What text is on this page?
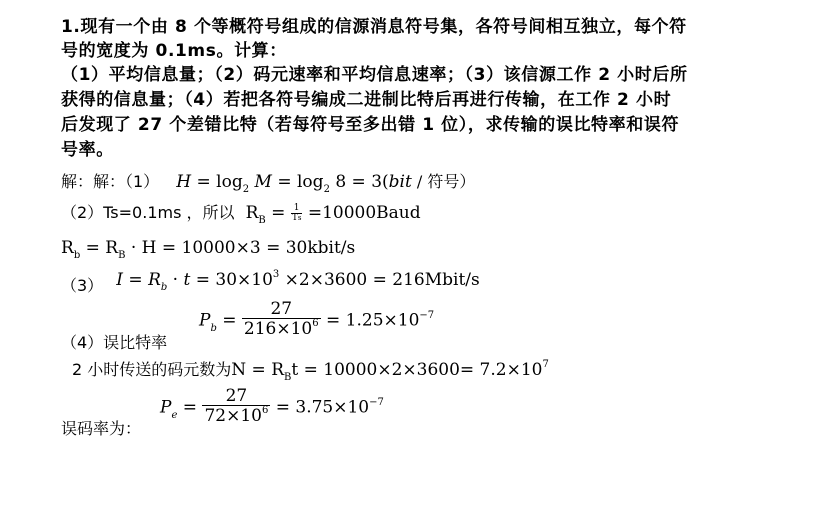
1.现有一个由 8 个等概符号组成的信源消息符号集，各符号间相互独立，每个符
号的宽度为 0.1ms。计算：
（1）平均信息量；（2）码元速率和平均信息速率；（3）该信源工作 2 小时后所
获得的信息量；（4）若把各符号编成二进制比特后再进行传输，在工作 2 小时
后发现了 27 个差错比特（若每符号至多出错 1 位），求传输的误比特率和误符
号率。
解：解：（1） $H = \log_2 M = \log_2 8 = 3(bit$ / 符号）
（2）Ts=0.1ms ，所以 $R_B = \frac{1}{Ts}$ =10000Baud
$R_b = R_B \cdot H = 10000\times 3$ = 30kbit/s
（3） $I = R_b \cdot t = 30\times 10^3 \times 2\times 3600$ = 216Mbit/s
（4）误比特率
$P_b = \frac{27}{216\times 10^6} = 1.25\times 10^{-7}$
2 小时传送的码元数为$N = R_Bt = 10000\times 2\times 3600= 7.2\times 10^7$
$P_e = \frac{27}{72\times 10^6} = 3.75\times 10^{-7}$
误码率为：
